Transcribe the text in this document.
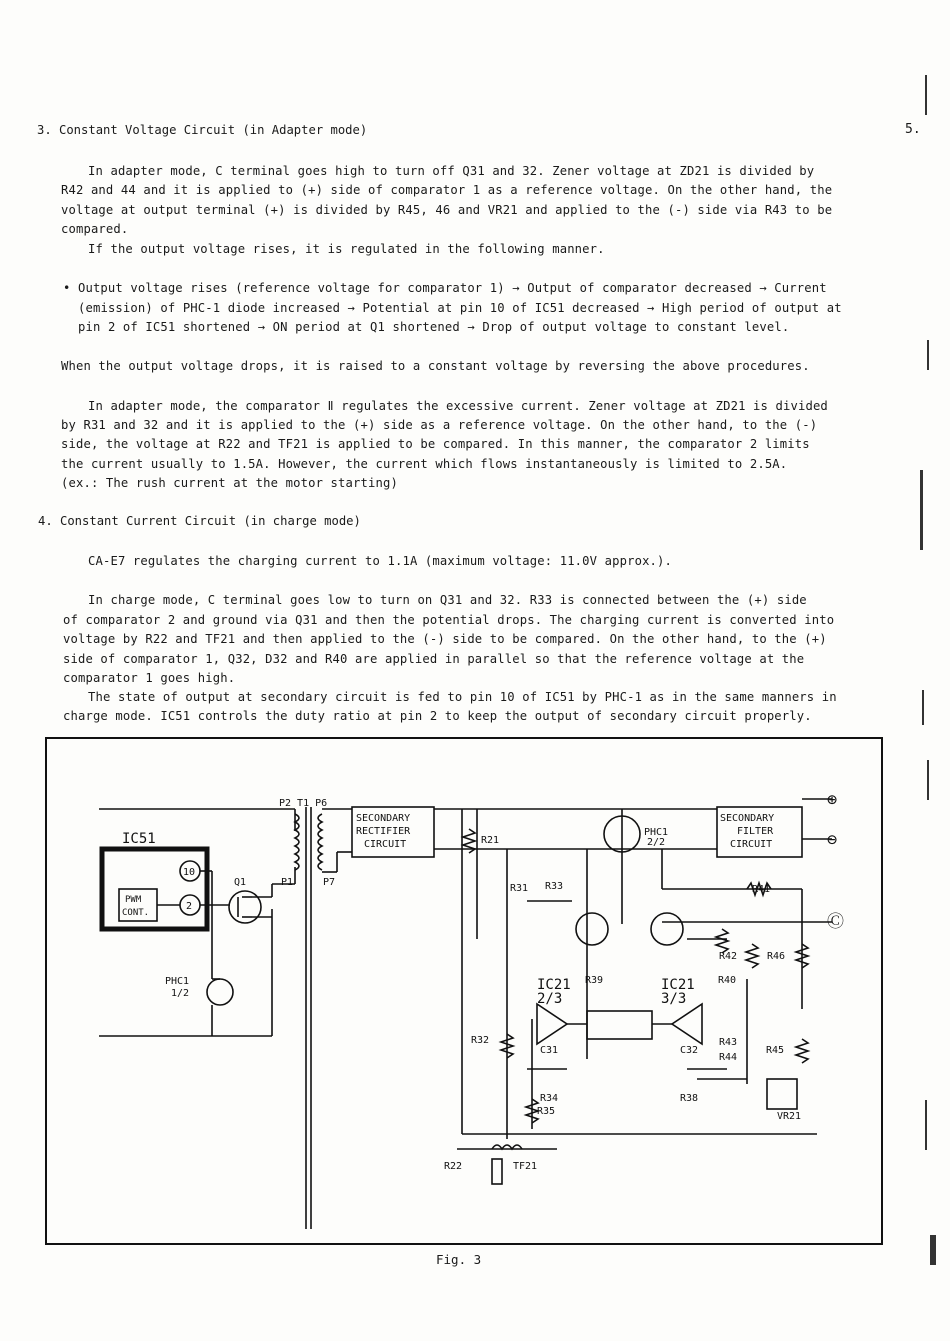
5.
3. Constant Voltage Circuit (in Adapter mode)
In adapter mode, C terminal goes high to turn off Q31 and 32. Zener voltage at ZD21 is divided by
R42 and 44 and it is applied to (+) side of comparator 1 as a reference voltage. On the other hand, the
voltage at output terminal (+) is divided by R45, 46 and VR21 and applied to the (-) side via R43 to be
compared.
If the output voltage rises, it is regulated in the following manner.
• Output voltage rises (reference voltage for comparator 1) → Output of comparator decreased → Current
(emission) of PHC-1 diode increased → Potential at pin 10 of IC51 decreased → High period of output at
pin 2 of IC51 shortened → ON period at Q1 shortened → Drop of output voltage to constant level.
When the output voltage drops, it is raised to a constant voltage by reversing the above procedures.
In adapter mode, the comparator Ⅱ regulates the excessive current. Zener voltage at ZD21 is divided
by R31 and 32 and it is applied to the (+) side as a reference voltage. On the other hand, to the (-)
side, the voltage at R22 and TF21 is applied to be compared. In this manner, the comparator 2 limits
the current usually to 1.5A. However, the current which flows instantaneously is limited to 2.5A.
(ex.: The rush current at the motor starting)
4. Constant Current Circuit (in charge mode)
CA-E7 regulates the charging current to 1.1A (maximum voltage: 11.0V approx.).
In charge mode, C terminal goes low to turn on Q31 and 32. R33 is connected between the (+) side
of comparator 2 and ground via Q31 and then the potential drops. The charging current is converted into
voltage by R22 and TF21 and then applied to the (-) side to be compared. On the other hand, to the (+)
side of comparator 1, Q32, D32 and R40 are applied in parallel so that the reference voltage at the
comparator 1 goes high.
The state of output at secondary circuit is fed to pin 10 of IC51 by PHC-1 as in the same manners in
charge mode. IC51 controls the duty ratio at pin 2 to keep the output of secondary circuit properly.
IC51
10
2
PWM
CONT.
Q1
PHC1
1/2
P2 T1 P6
P1	P7
SECONDARY
RECTIFIER
CIRCUIT	R21
PHC1
2/2
SECONDARY
FILTER
CIRCUIT
⊕
⊖
Ⓒ
R31 R33	R41
R42	R46
IC21
2/3
R39	IC21
3/3
R40
R32
C31	C32
R43
R44
R45
R34
R35
R38
VR21
R22	TF21
Fig. 3
